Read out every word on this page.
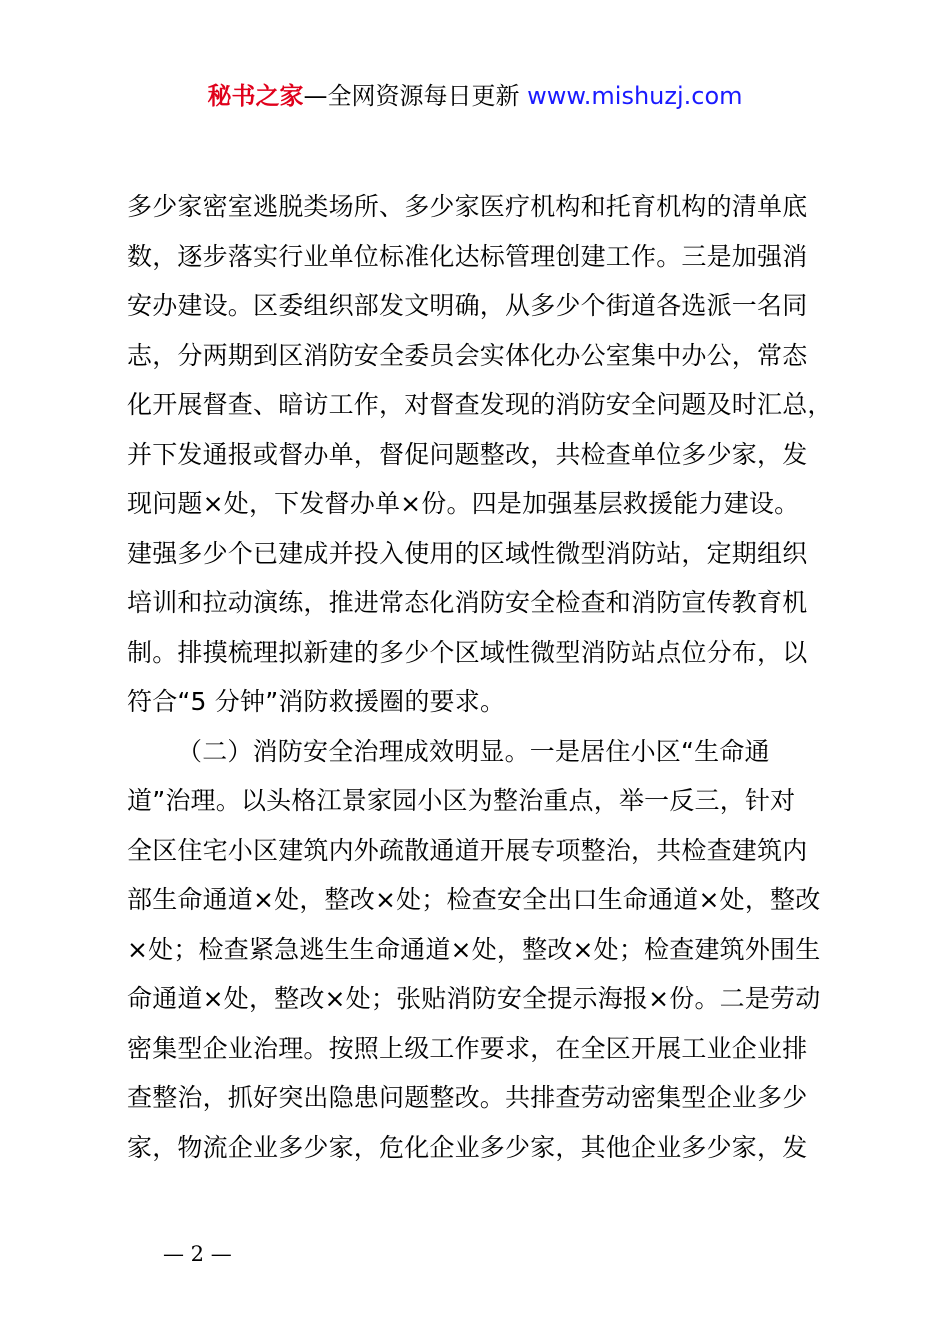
秘书之家—全网资源每日更新 www.mishuzj.com
多少家密室逃脱类场所、多少家医疗机构和托育机构的清单底
数，逐步落实行业单位标准化达标管理创建工作。三是加强消
安办建设。区委组织部发文明确，从多少个街道各选派一名同
志，分两期到区消防安全委员会实体化办公室集中办公，常态
化开展督查、暗访工作，对督查发现的消防安全问题及时汇总，
并下发通报或督办单，督促问题整改，共检查单位多少家，发
现问题×处，下发督办单×份。四是加强基层救援能力建设。
建强多少个已建成并投入使用的区域性微型消防站，定期组织
培训和拉动演练，推进常态化消防安全检查和消防宣传教育机
制。排摸梳理拟新建的多少个区域性微型消防站点位分布，以
符合“5 分钟”消防救援圈的要求。
（二）消防安全治理成效明显。一是居住小区“生命通
道”治理。以头格江景家园小区为整治重点，举一反三，针对
全区住宅小区建筑内外疏散通道开展专项整治，共检查建筑内
部生命通道×处，整改×处；检查安全出口生命通道×处，整改
×处；检查紧急逃生生命通道×处，整改×处；检查建筑外围生
命通道×处，整改×处；张贴消防安全提示海报×份。二是劳动
密集型企业治理。按照上级工作要求，在全区开展工业企业排
查整治，抓好突出隐患问题整改。共排查劳动密集型企业多少
家，物流企业多少家，危化企业多少家，其他企业多少家，发
— 2 —
